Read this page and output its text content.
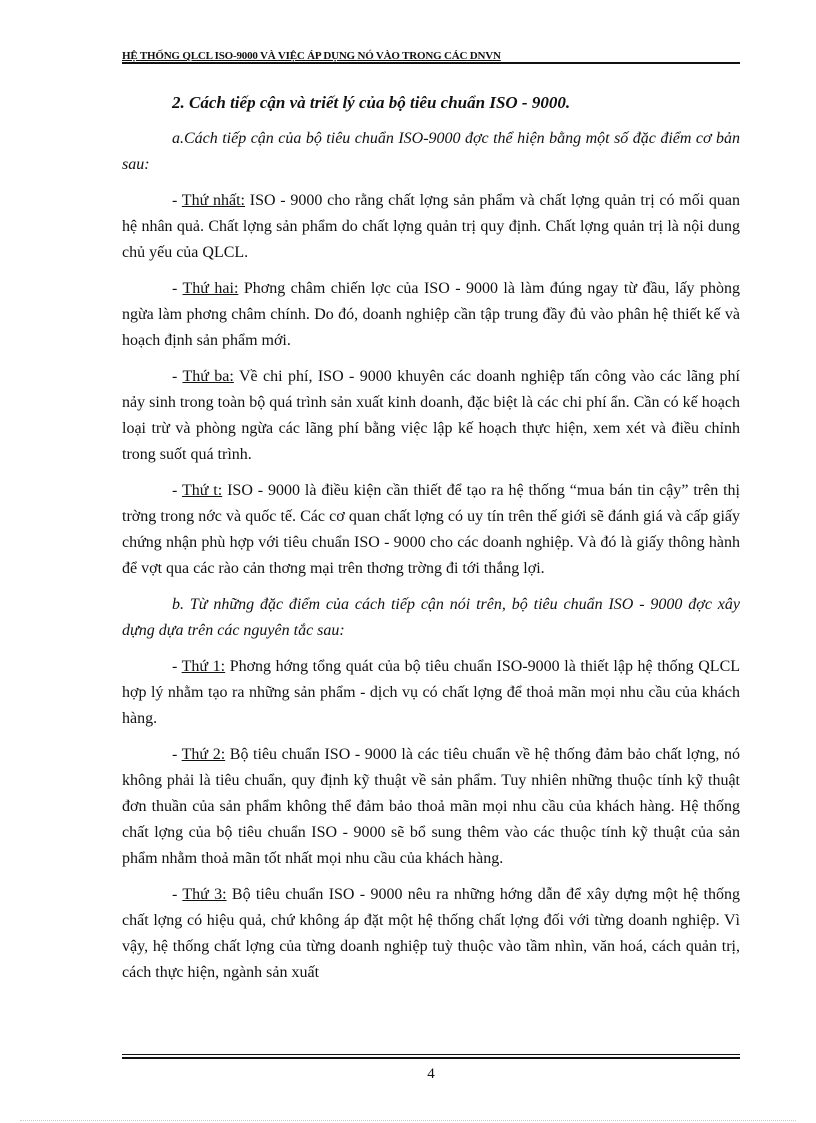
HỆ THỐNG QLCL ISO-9000 VÀ VIỆC ÁP DỤNG NÓ VÀO TRONG CÁC DNVN
2. Cách tiếp cận và triết lý của bộ tiêu chuẩn ISO - 9000.

a.Cách tiếp cận của bộ tiêu chuẩn ISO-9000 đợc thể hiện bằng một số đặc điểm cơ bản sau:

- Thứ nhất: ISO - 9000 cho rằng chất lợng sản phẩm và chất lợng quản trị có mối quan hệ nhân quả. Chất lợng sản phẩm do chất lợng quản trị quy định. Chất lợng quản trị là nội dung chủ yếu của QLCL.

- Thứ hai: Phơng châm chiến lợc của ISO - 9000 là làm đúng ngay từ đầu, lấy phòng ngừa làm phơng châm chính. Do đó, doanh nghiệp cần tập trung đầy đủ vào phân hệ thiết kế và hoạch định sản phẩm mới.

- Thứ ba: Về chi phí, ISO - 9000 khuyên các doanh nghiệp tấn công vào các lãng phí nảy sinh trong toàn bộ quá trình sản xuất kinh doanh, đặc biệt là các chi phí ẩn. Cần có kế hoạch loại trừ và phòng ngừa các lãng phí bằng việc lập kế hoạch thực hiện, xem xét và điều chỉnh trong suốt quá trình.

- Thứ t: ISO - 9000 là điều kiện cần thiết để tạo ra hệ thống “mua bán tin cậy” trên thị trờng trong nớc và quốc tế. Các cơ quan chất lợng có uy tín trên thế giới sẽ đánh giá và cấp giấy chứng nhận phù hợp với tiêu chuẩn ISO - 9000 cho các doanh nghiệp. Và đó là giấy thông hành để vợt qua các rào cản thơng mại trên thơng trờng đi tới thắng lợi.

b. Từ những đặc điểm của cách tiếp cận nói trên, bộ tiêu chuẩn ISO - 9000 đợc xây dựng dựa trên các nguyên tắc sau:

- Thứ 1: Phơng hớng tổng quát của bộ tiêu chuẩn ISO-9000 là thiết lập hệ thống QLCL hợp lý nhằm tạo ra những sản phẩm - dịch vụ có chất lợng để thoả mãn mọi nhu cầu của khách hàng.

- Thứ 2: Bộ tiêu chuẩn ISO - 9000 là các tiêu chuẩn về hệ thống đảm bảo chất lợng, nó không phải là tiêu chuẩn, quy định kỹ thuật về sản phẩm. Tuy nhiên những thuộc tính kỹ thuật đơn thuần của sản phẩm không thể đảm bảo thoả mãn mọi nhu cầu của khách hàng. Hệ thống chất lợng của bộ tiêu chuẩn ISO - 9000 sẽ bổ sung thêm vào các thuộc tính kỹ thuật của sản phẩm nhằm thoả mãn tốt nhất mọi nhu cầu của khách hàng.

- Thứ 3: Bộ tiêu chuẩn ISO - 9000 nêu ra những hớng dẫn để xây dựng một hệ thống chất lợng có hiệu quả, chứ không áp đặt một hệ thống chất lợng đối với từng doanh nghiệp. Vì vậy, hệ thống chất lợng của từng doanh nghiệp tuỳ thuộc vào tầm nhìn, văn hoá, cách quản trị, cách thực hiện, ngành sản xuất

4
